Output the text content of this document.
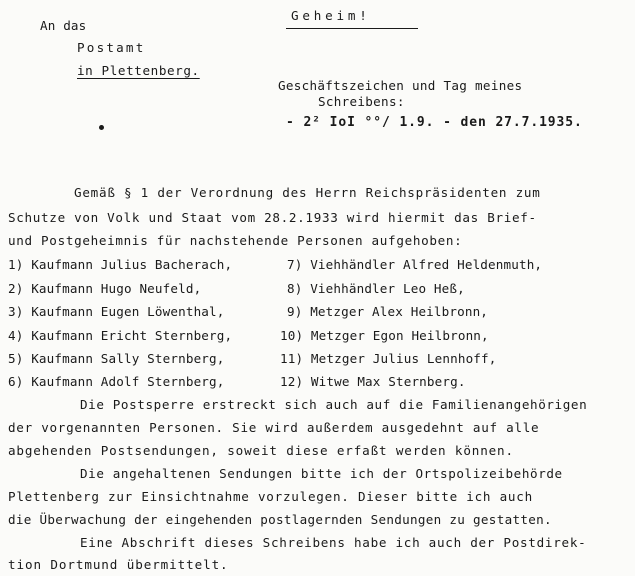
An das
Postamt
in Plettenberg.
Geheim!
Geschäftszeichen und Tag meines
Schreibens:
- 2² IoI °°/ 1.9. - den 27.7.1935.
Gemäß § 1 der Verordnung des Herrn Reichspräsidenten zum
Schutze von Volk und Staat vom 28.2.1933 wird hiermit das Brief-
und Postgeheimnis für nachstehende Personen aufgehoben:
1) Kaufmann Julius Bacherach,
2) Kaufmann Hugo Neufeld,
3) Kaufmann Eugen Löwenthal,
4) Kaufmann Ericht Sternberg,
5) Kaufmann Sally Sternberg,
6) Kaufmann Adolf Sternberg,
7) Viehhändler Alfred Heldenmuth,
8) Viehhändler Leo Heß,
9) Metzger Alex Heilbronn,
10) Metzger Egon Heilbronn,
11) Metzger Julius Lennhoff,
12) Witwe Max Sternberg.
Die Postsperre erstreckt sich auch auf die Familienangehörigen
der vorgenannten Personen. Sie wird außerdem ausgedehnt auf alle
abgehenden Postsendungen, soweit diese erfaßt werden können.
Die angehaltenen Sendungen bitte ich der Ortspolizeibehörde
Plettenberg zur Einsichtnahme vorzulegen. Dieser bitte ich auch
die Überwachung der eingehenden postlagernden Sendungen zu gestatten.
Eine Abschrift dieses Schreibens habe ich auch der Postdirek-
tion Dortmund übermittelt.
